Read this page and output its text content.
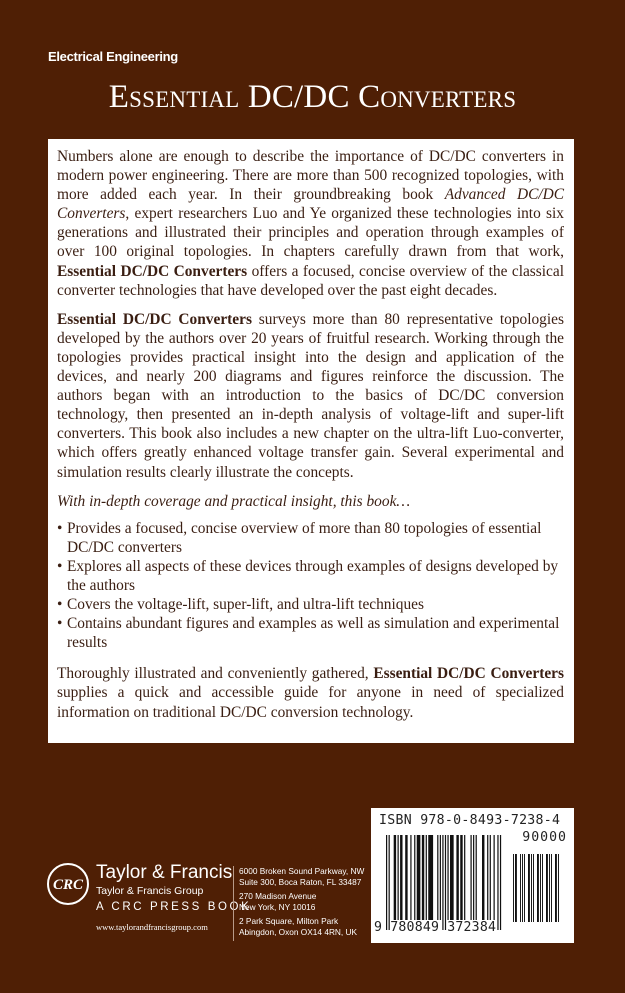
Electrical Engineering
Essential DC/DC Converters

Numbers alone are enough to describe the importance of DC/DC converters in modern power engineering. There are more than 500 recognized topologies, with more added each year. In their groundbreaking book Advanced DC/DC Converters, expert researchers Luo and Ye organized these technologies into six generations and illustrated their principles and operation through examples of over 100 original topologies. In chapters carefully drawn from that work, Essential DC/DC Converters offers a focused, concise overview of the classical converter technologies that have developed over the past eight decades.

Essential DC/DC Converters surveys more than 80 representative topologies developed by the authors over 20 years of fruitful research. Working through the topologies provides practical insight into the design and application of the devices, and nearly 200 diagrams and figures reinforce the discussion. The authors began with an introduction to the basics of DC/DC conversion technology, then presented an in-depth analysis of voltage-lift and super-lift converters. This book also includes a new chapter on the ultra-lift Luo-converter, which offers greatly enhanced voltage transfer gain. Several experimental and simulation results clearly illustrate the concepts.

With in-depth coverage and practical insight, this book…

• Provides a focused, concise overview of more than 80 topologies of essential DC/DC converters
• Explores all aspects of these devices through examples of designs developed by the authors
• Covers the voltage-lift, super-lift, and ultra-lift techniques
• Contains abundant figures and examples as well as simulation and experimental results

Thoroughly illustrated and conveniently gathered, Essential DC/DC Converters supplies a quick and accessible guide for anyone in need of specialized information on traditional DC/DC conversion technology.

CRC
Taylor & Francis
Taylor & Francis Group
A CRC PRESS BOOK
www.taylorandfrancisgroup.com
6000 Broken Sound Parkway, NW
Suite 300, Boca Raton, FL 33487
270 Madison Avenue
New York, NY 10016
2 Park Square, Milton Park
Abingdon, Oxon OX14 4RN, UK
ISBN 978-0-8493-7238-4
90000
9 780849 372384
